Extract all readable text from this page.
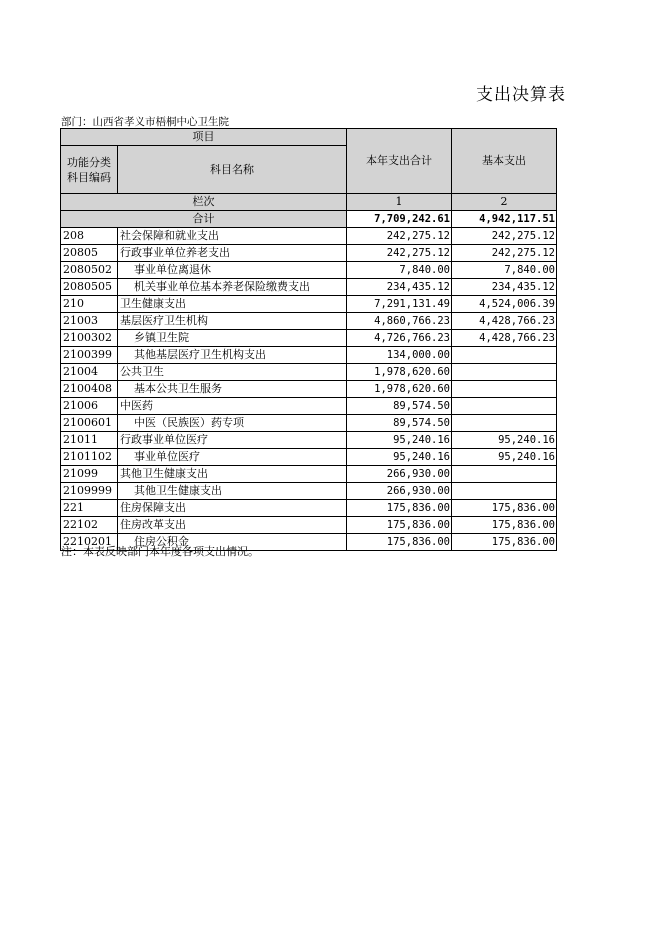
支出决算表
部门：山西省孝义市梧桐中心卫生院
项目		本年支出合计	基本支出

功能分类
科目编码	科目名称		
栏次		1	2
合计		7,709,242.61	4,942,117.51
208	社会保障和就业支出	242,275.12	242,275.12
20805	行政事业单位养老支出	242,275.12	242,275.12
2080502	事业单位离退休	7,840.00	7,840.00
2080505	机关事业单位基本养老保险缴费支出	234,435.12	234,435.12
210	卫生健康支出	7,291,131.49	4,524,006.39
21003	基层医疗卫生机构	4,860,766.23	4,428,766.23
2100302	乡镇卫生院	4,726,766.23	4,428,766.23
2100399	其他基层医疗卫生机构支出	134,000.00	
21004	公共卫生	1,978,620.60	
2100408	基本公共卫生服务	1,978,620.60	
21006	中医药	89,574.50	
2100601	中医（民族医）药专项	89,574.50	
21011	行政事业单位医疗	95,240.16	95,240.16
2101102	事业单位医疗	95,240.16	95,240.16
21099	其他卫生健康支出	266,930.00	
2109999	其他卫生健康支出	266,930.00	
221	住房保障支出	175,836.00	175,836.00
22102	住房改革支出	175,836.00	175,836.00
2210201	住房公积金	175,836.00	175,836.00
注：本表反映部门本年度各项支出情况。
